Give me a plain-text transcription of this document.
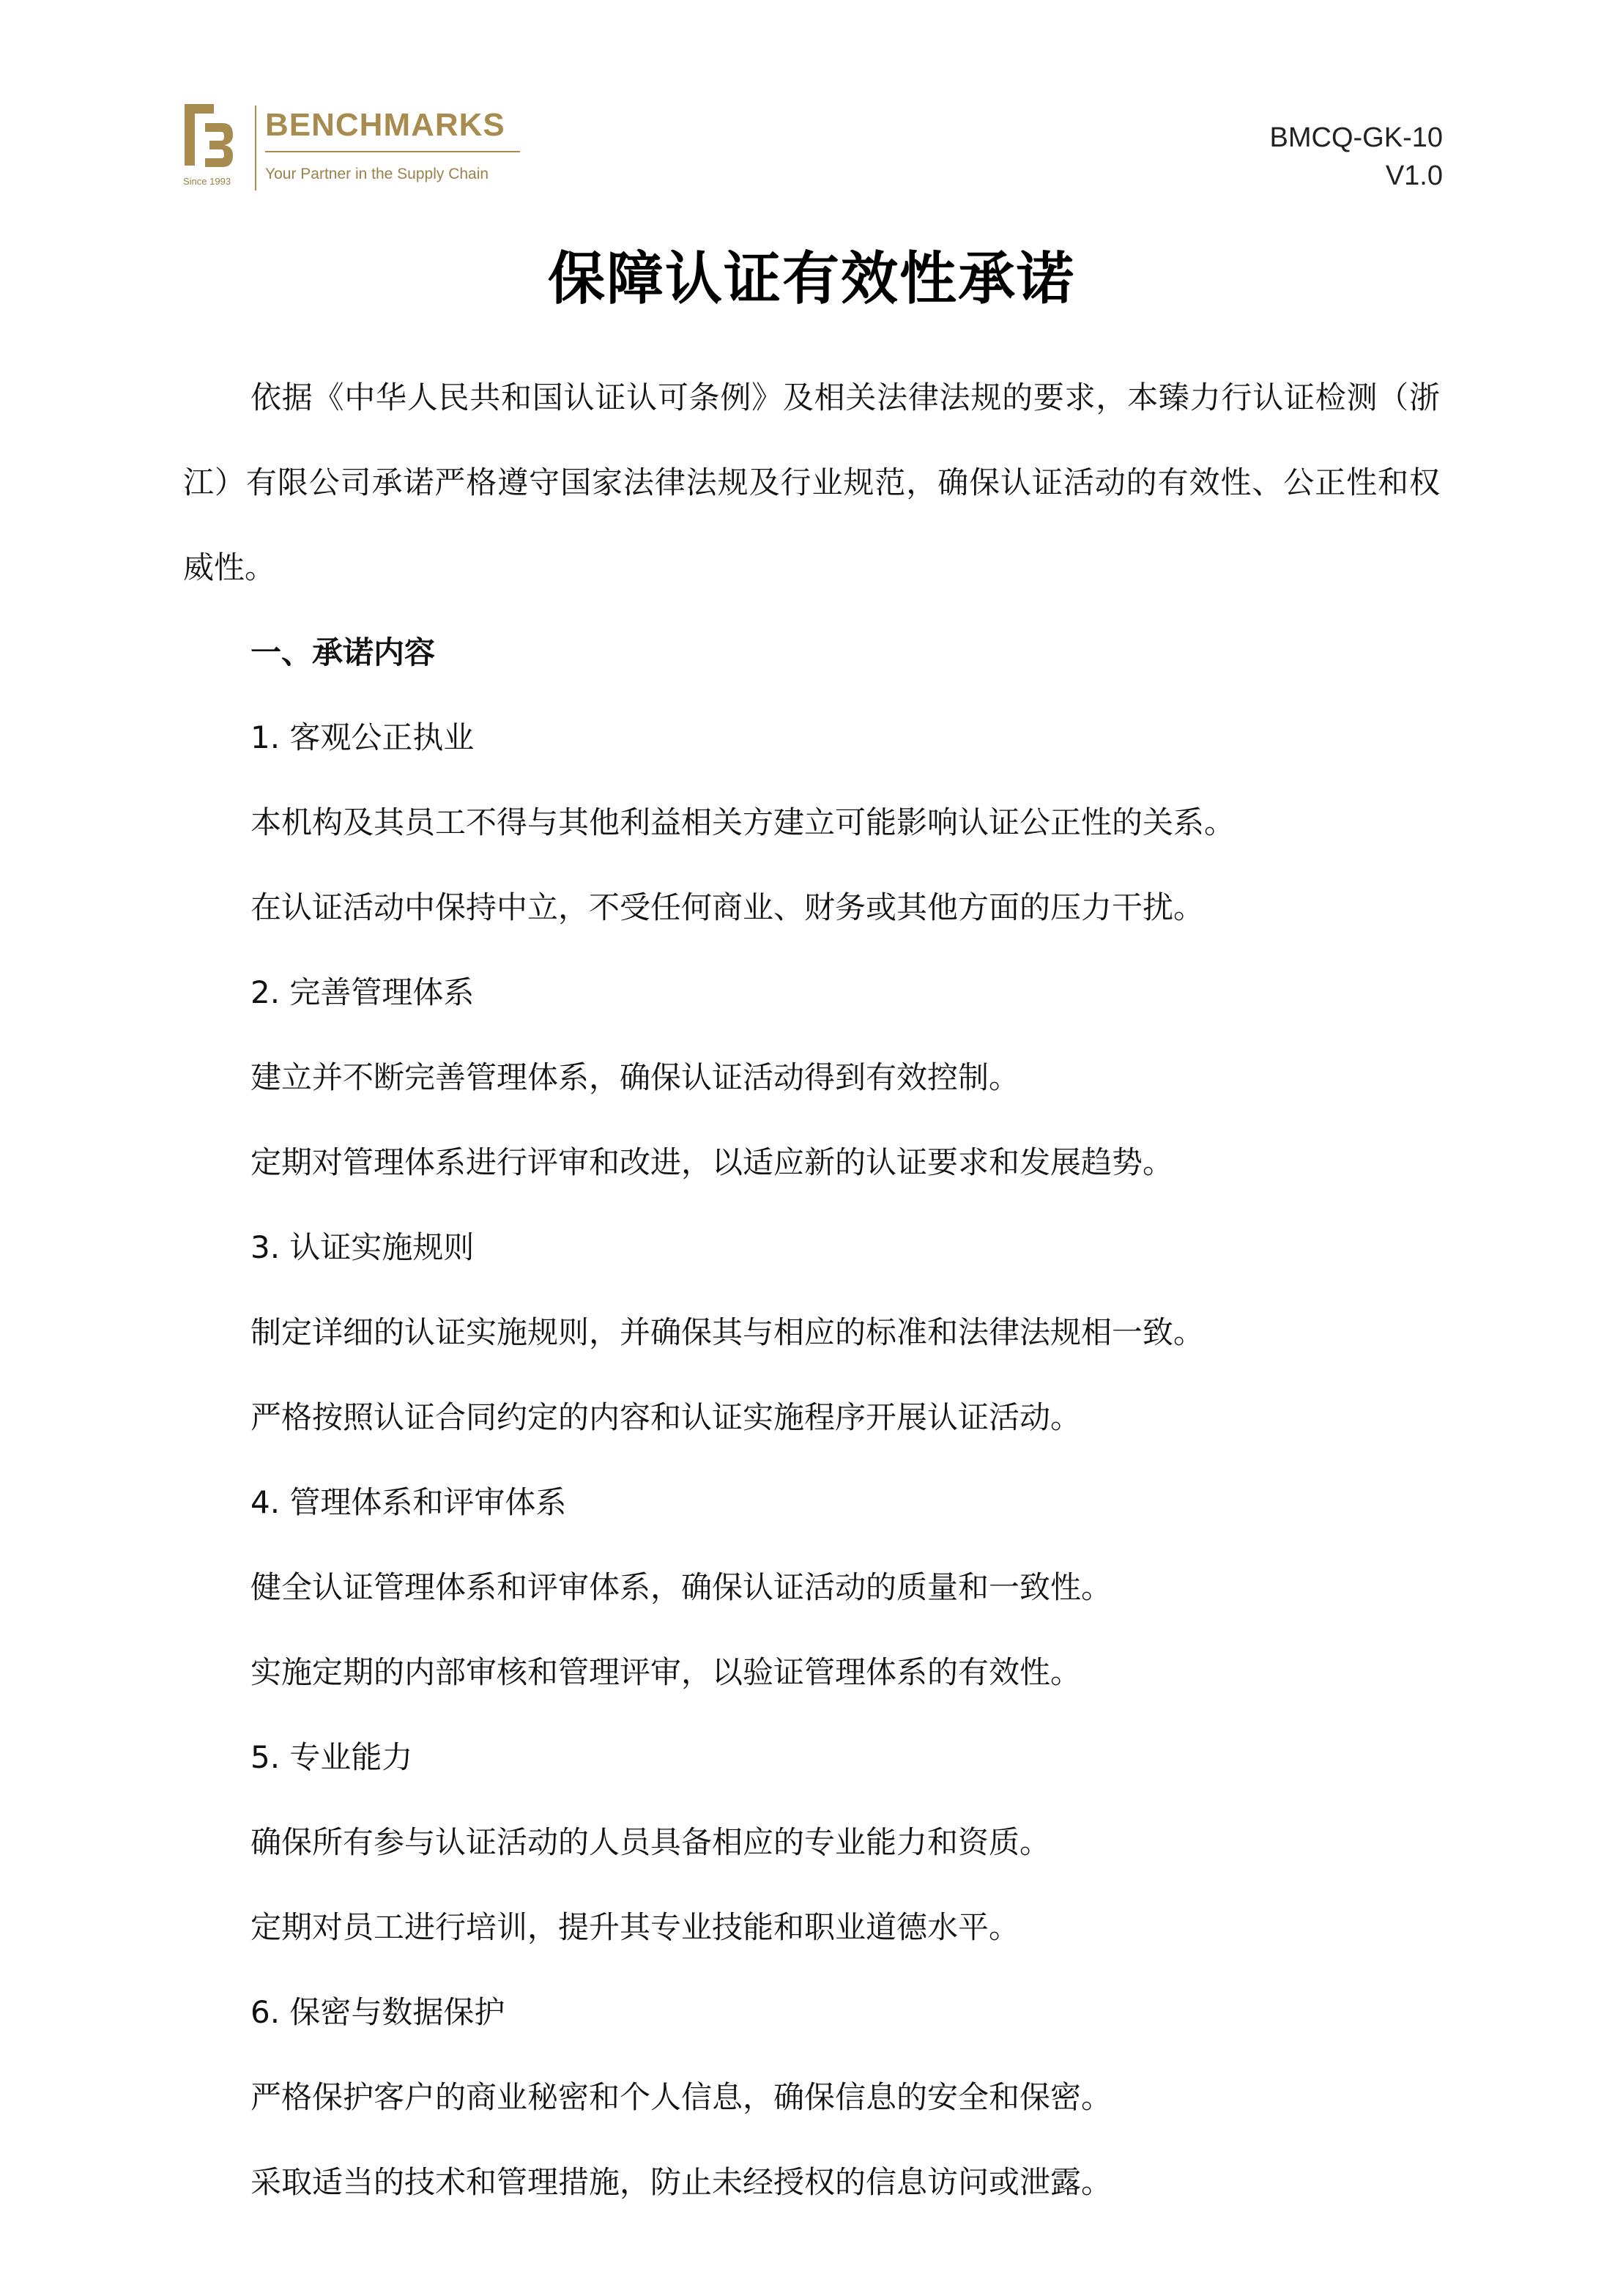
Since 1993
BENCHMARKS
Your Partner in the Supply Chain
BMCQ-GK-10
V1.0
保障认证有效性承诺

依据《中华人民共和国认证认可条例》及相关法律法规的要求，本臻力行认证检测（浙江）有限公司承诺严格遵守国家法律法规及行业规范，确保认证活动的有效性、公正性和权威性。

一、承诺内容

1. 客观公正执业

本机构及其员工不得与其他利益相关方建立可能影响认证公正性的关系。

在认证活动中保持中立，不受任何商业、财务或其他方面的压力干扰。

2. 完善管理体系

建立并不断完善管理体系，确保认证活动得到有效控制。

定期对管理体系进行评审和改进，以适应新的认证要求和发展趋势。

3. 认证实施规则

制定详细的认证实施规则，并确保其与相应的标准和法律法规相一致。

严格按照认证合同约定的内容和认证实施程序开展认证活动。

4. 管理体系和评审体系

健全认证管理体系和评审体系，确保认证活动的质量和一致性。

实施定期的内部审核和管理评审，以验证管理体系的有效性。

5. 专业能力

确保所有参与认证活动的人员具备相应的专业能力和资质。

定期对员工进行培训，提升其专业技能和职业道德水平。

6. 保密与数据保护

严格保护客户的商业秘密和个人信息，确保信息的安全和保密。

采取适当的技术和管理措施，防止未经授权的信息访问或泄露。
